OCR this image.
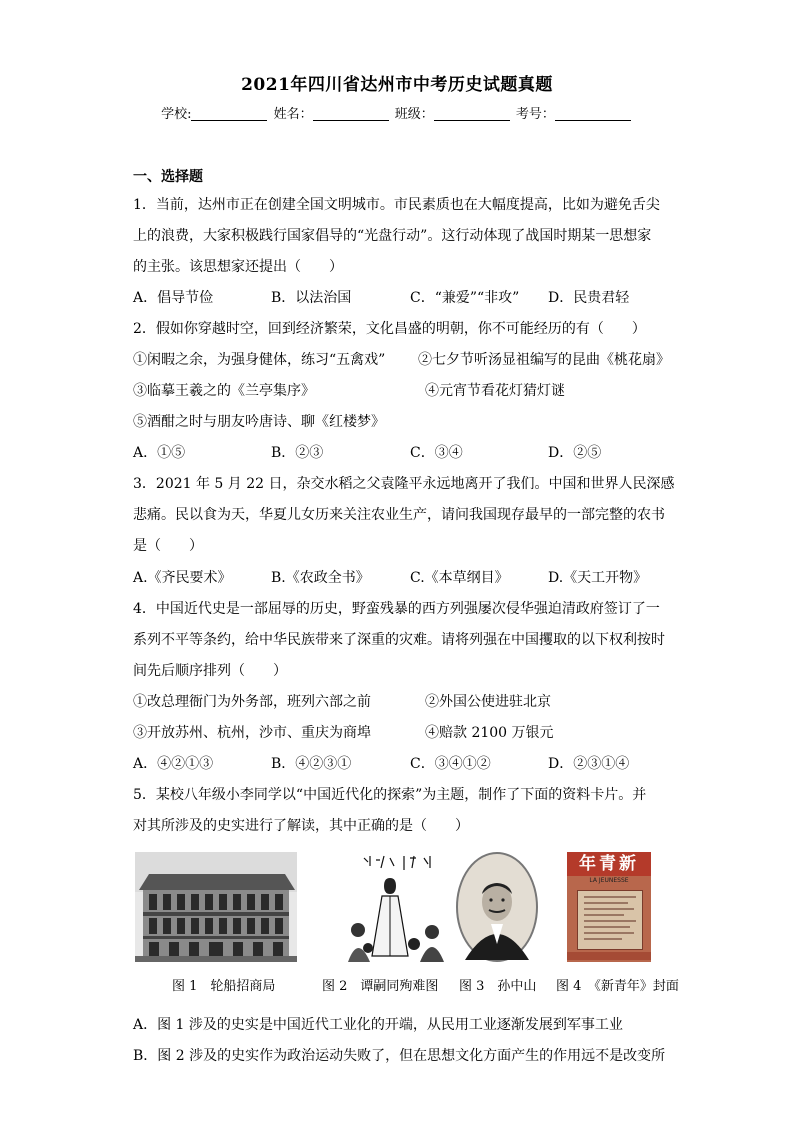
2021年四川省达州市中考历史试题真题
学校:	姓名：	班级：	考号：
一、选择题
1．当前，达州市正在创建全国文明城市。市民素质也在大幅度提高，比如为避免舌尖
上的浪费，大家积极践行国家倡导的“光盘行动”。这行动体现了战国时期某一思想家
的主张。该思想家还提出（　　）
A．倡导节俭	B．以法治国	C．“兼爱”“非攻” D．民贵君轻
2．假如你穿越时空，回到经济繁荣，文化昌盛的明朝，你不可能经历的有（　　）
①闲暇之余，为强身健体，练习“五禽戏” ②七夕节听汤显祖编写的昆曲《桃花扇》
③临摹王羲之的《兰亭集序》	④元宵节看花灯猜灯谜
⑤酒酣之时与朋友吟唐诗、聊《红楼梦》
A．①⑤	B．②③	C．③④	D．②⑤
3．2021 年 5 月 22 日，杂交水稻之父袁隆平永远地离开了我们。中国和世界人民深感
悲痛。民以食为天，华夏儿女历来关注农业生产，请问我国现存最早的一部完整的农书
是（　　）
A.《齐民要术》	B.《农政全书》	C.《本草纲目》	D.《天工开物》
4．中国近代史是一部屈辱的历史，野蛮残暴的西方列强屡次侵华强迫清政府签订了一
系列不平等条约，给中华民族带来了深重的灾难。请将列强在中国攫取的以下权利按时
间先后顺序排列（　　）
①改总理衙门为外务部，班列六部之前	②外国公使进驻北京
③开放苏州、杭州，沙市、重庆为商埠	④赔款 2100 万银元
A．④②①③	B．④②③①	C．③④①②	D．②③①④
5．某校八年级小李同学以“中国近代化的探索”为主题，制作了下面的资料卡片。并
对其所涉及的史实进行了解读，其中正确的是（　　）
年青新
LA JEUNESSE
图 1　轮船招商局	图 2　谭嗣同殉难图 图 3　孙中山 图 4　《新青年》封面
A．图 1 涉及的史实是中国近代工业化的开端，从民用工业逐渐发展到军事工业
B．图 2 涉及的史实作为政治运动失败了，但在思想文化方面产生的作用远不是改变所
